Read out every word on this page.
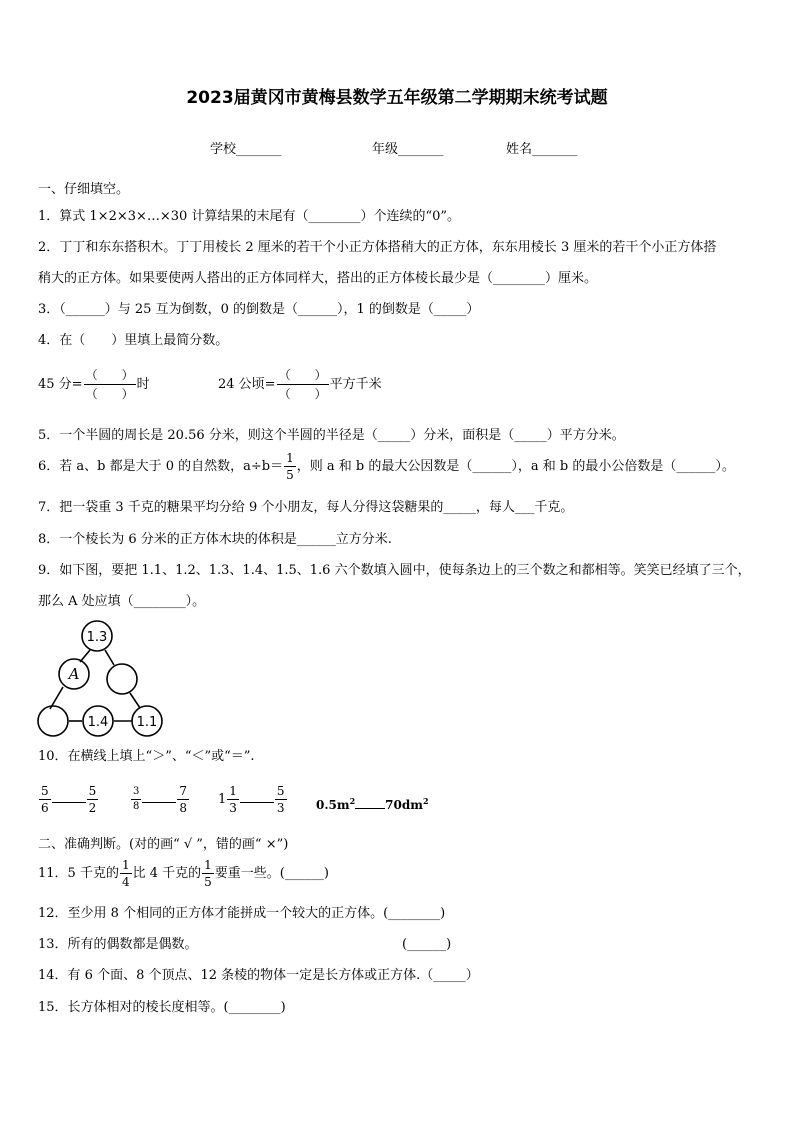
2023届黄冈市黄梅县数学五年级第二学期期末统考试题
学校_______	年级_______	姓名_______
一、仔细填空。
1．算式 1×2×3×…×30 计算结果的末尾有（________）个连续的“0”。
2．丁丁和东东搭积木。丁丁用棱长 2 厘米的若干个小正方体搭稍大的正方体，东东用棱长 3 厘米的若干个小正方体搭
稍大的正方体。如果要使两人搭出的正方体同样大，搭出的正方体棱长最少是（________）厘米。
3．（______）与 25 互为倒数，0 的倒数是（______），1 的倒数是（_____）
4．在（　　）里填上最简分数。
45 分= $\frac{( )}{( )}$ 时	24 公顷= $\frac{( )}{( )}$ 平方千米
5．一个半圆的周长是 20.56 分米，则这个半圆的半径是（_____）分米，面积是（_____）平方分米。
6．若 a、b 都是大于 0 的自然数，$a\div b= \frac{1}{5}$ ，则 a 和 b 的最大公因数是（______），a 和 b 的最小公倍数是（______）。
7．把一袋重 3 千克的糖果平均分给 9 个小朋友，每人分得这袋糖果的_____，每人___千克。
8．一个棱长为 6 分米的正方体木块的体积是______立方分米.
9．如下图，要把 1.1、1.2、1.3、1.4、1.5、1.6 六个数填入圆中，使每条边上的三个数之和都相等。笑笑已经填了三个，
那么 A 处应填（________）。
1.3
A
1.4 1.1
10．在横线上填上“＞”、“＜”或“＝”.
$\frac{5}{6}$	$\frac{5}{2}$	$\frac{3}{8}$	$\frac{7}{8} 1 \frac{1}{3}$	$\frac{5}{3} 0.5m^2$	$70dm^2$
二、准确判断。(对的画“ √ ”，错的画“ ×”)
11．5 千克的 $\frac{1}{4}$ 比 4 千克的 $\frac{1}{5}$ 要重一些。(______)
12．至少用 8 个相同的正方体才能拼成一个较大的正方体。(________)
13．所有的偶数都是偶数。	(______)
14．有 6 个面、8 个顶点、12 条棱的物体一定是长方体或正方体.（_____）
15．长方体相对的棱长度相等。(________)
